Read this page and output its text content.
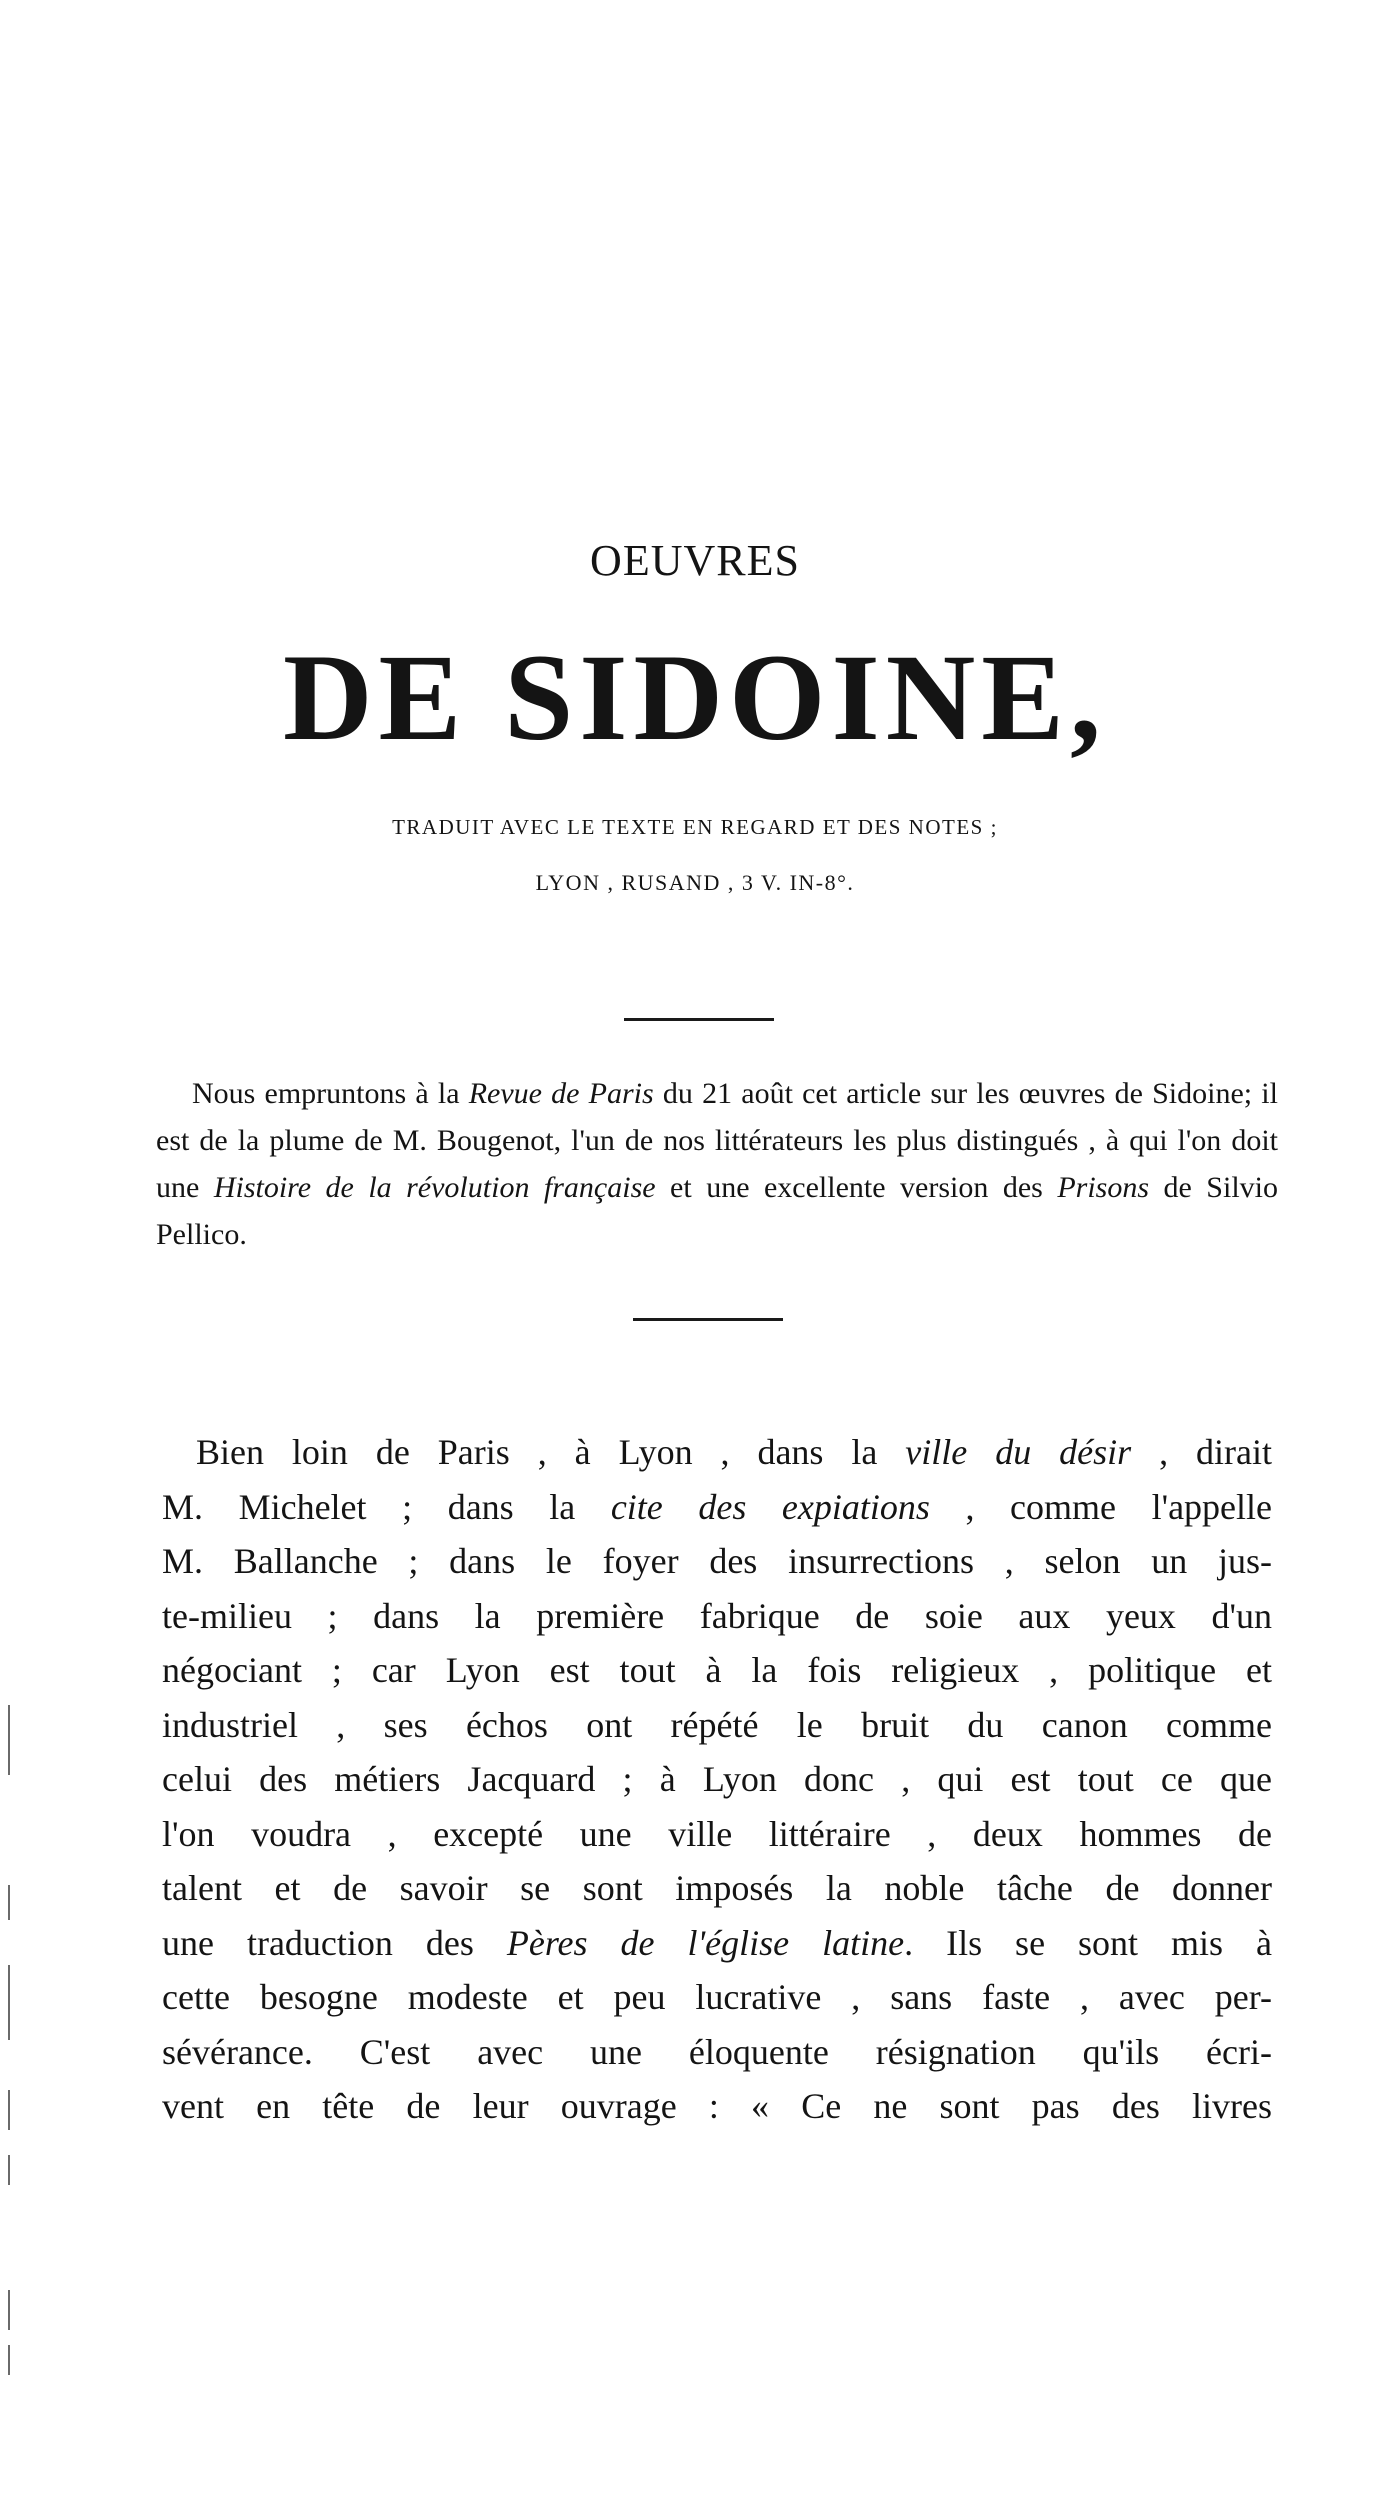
OEUVRES
DE SIDOINE,
TRADUIT AVEC LE TEXTE EN REGARD ET DES NOTES ;
LYON , RUSAND , 3 V. IN-8°.

Nous empruntons à la Revue de Paris du 21 août cet article sur les œuvres de Sidoine; il est de la plume de M. Bougenot, l'un de nos littérateurs les plus distingués , à qui l'on doit une Histoire de la révolution française et une excellente version des Prisons de Silvio Pellico.

Bien loin de Paris , à Lyon , dans la ville du désir , dirait
M. Michelet ; dans la cite des expiations , comme l'appelle
M. Ballanche ; dans le foyer des insurrections , selon un jus-
te-milieu ; dans la première fabrique de soie aux yeux d'un
négociant ; car Lyon est tout à la fois religieux , politique et
industriel , ses échos ont répété le bruit du canon comme
celui des métiers Jacquard ; à Lyon donc , qui est tout ce que
l'on voudra , excepté une ville littéraire , deux hommes de
talent et de savoir se sont imposés la noble tâche de donner
une traduction des Pères de l'église latine. Ils se sont mis à
cette besogne modeste et peu lucrative , sans faste , avec per-
sévérance. C'est avec une éloquente résignation qu'ils écri-
vent en tête de leur ouvrage : « Ce ne sont pas des livres
